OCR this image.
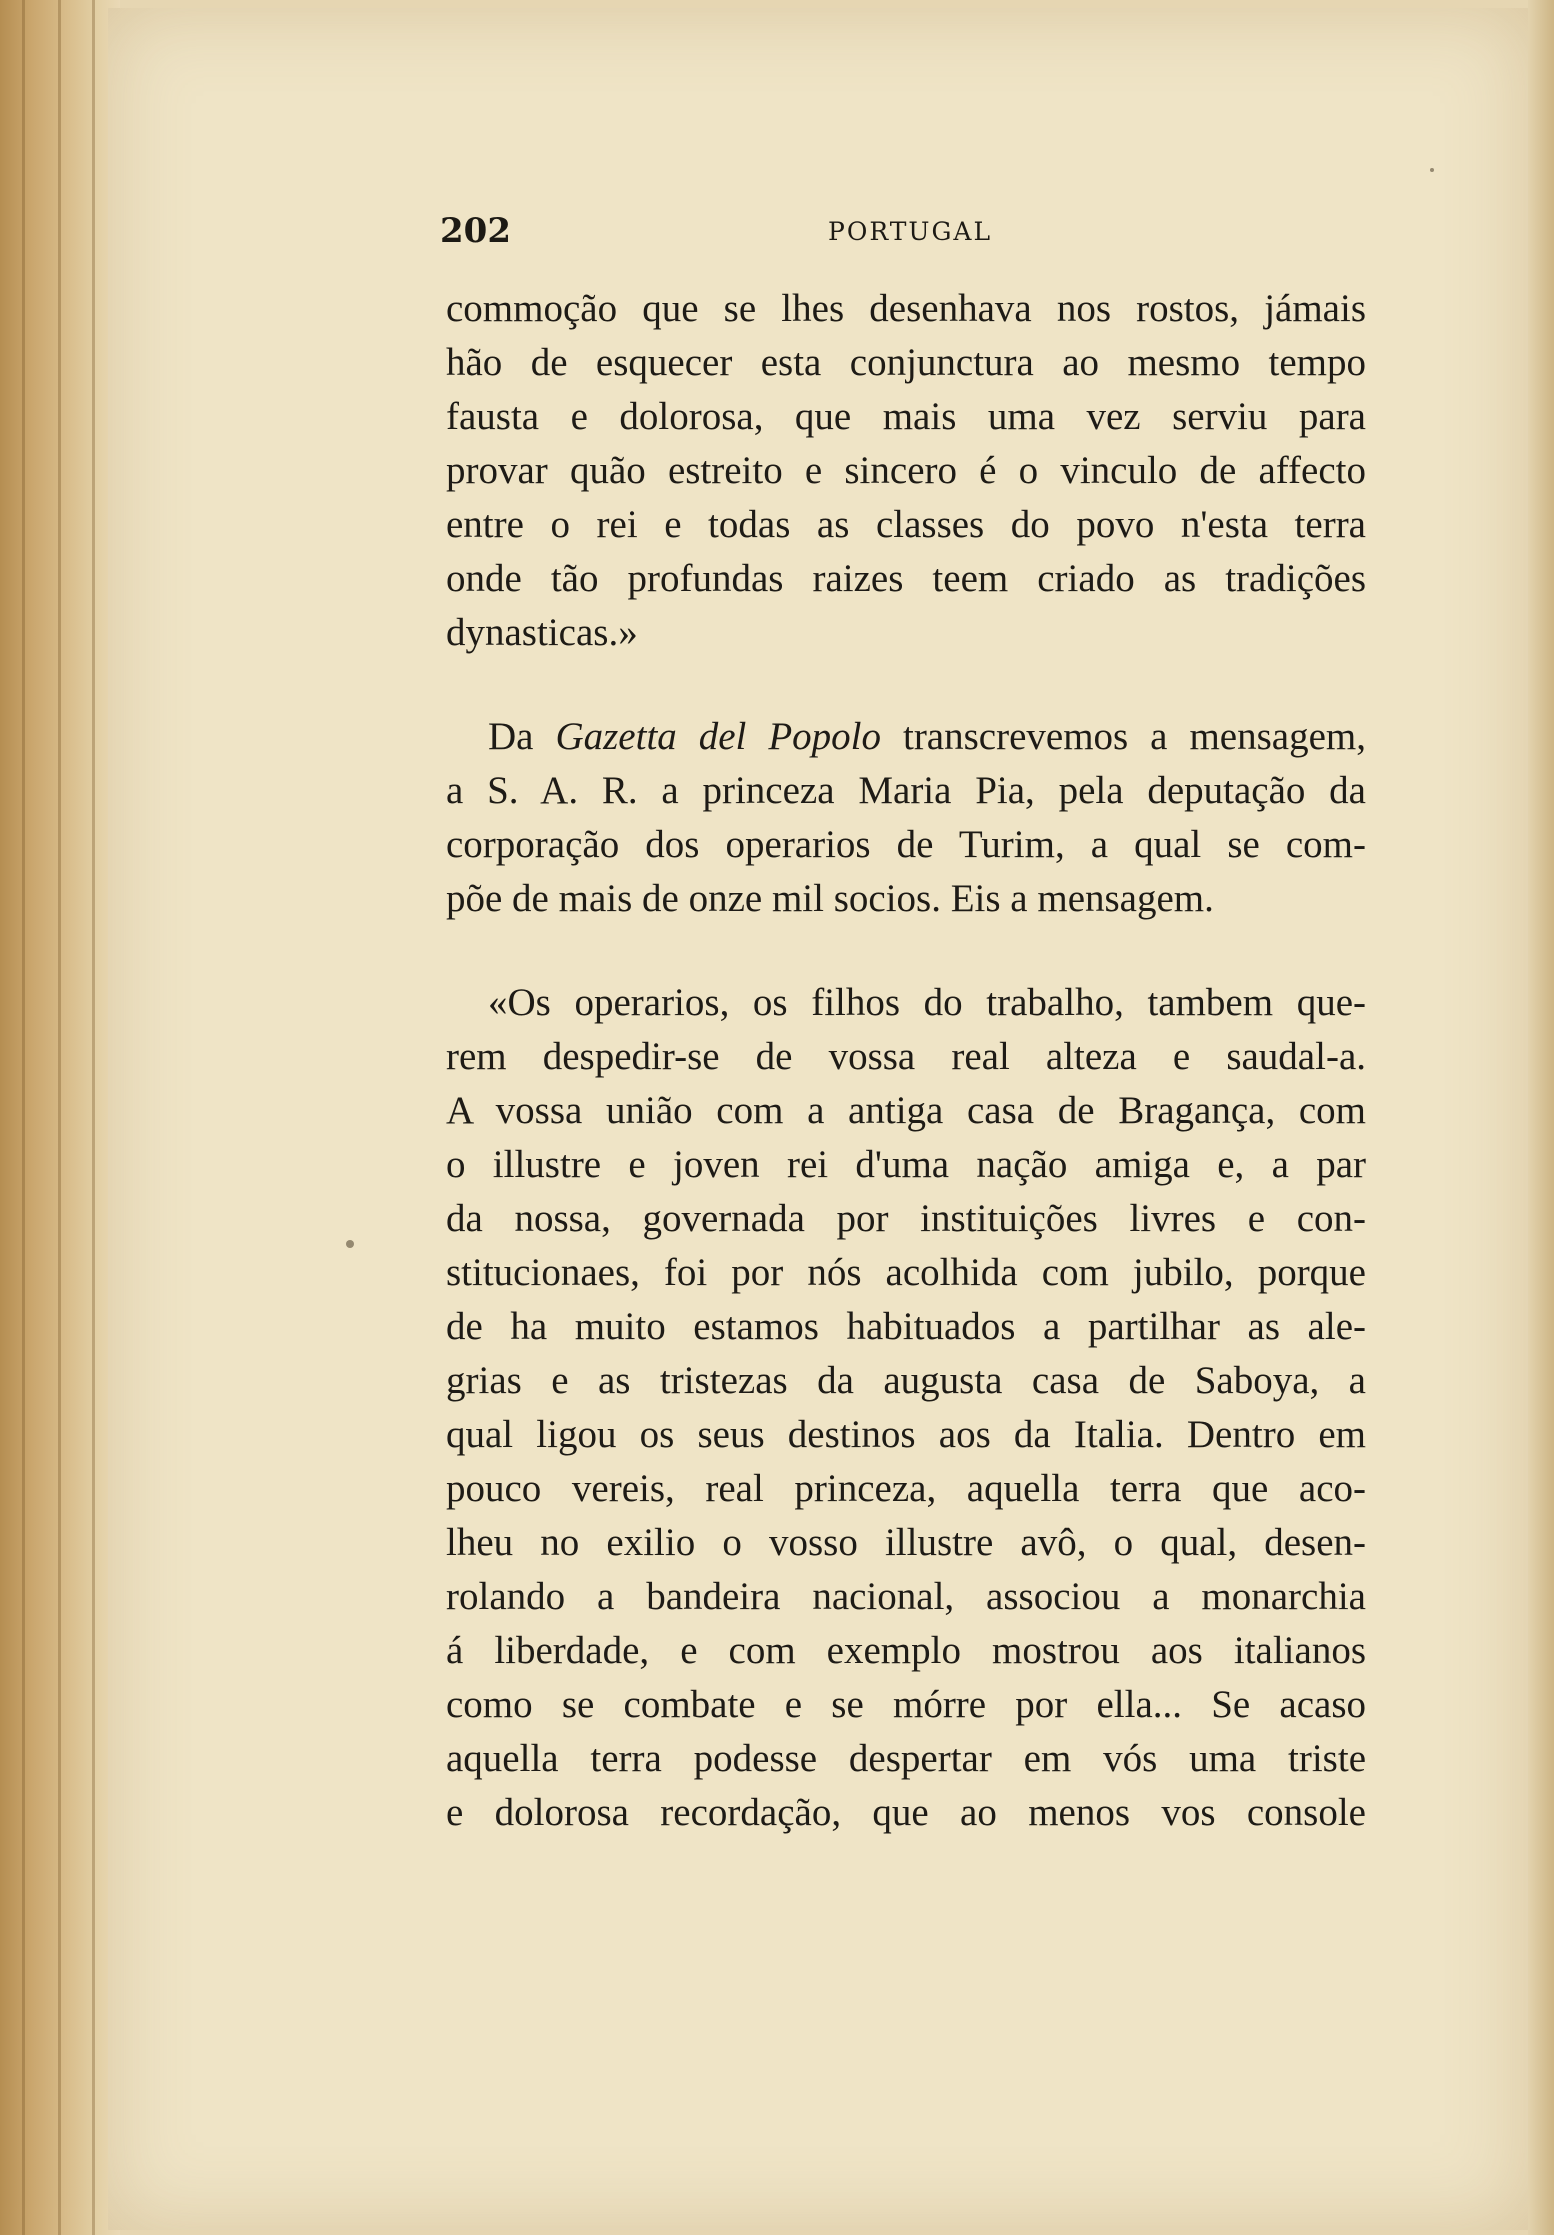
202	PORTUGAL

commoção que se lhes desenhava nos rostos, jámais
hão de esquecer esta conjunctura ao mesmo tempo
fausta e dolorosa, que mais uma vez serviu para
provar quão estreito e sincero é o vinculo de affecto
entre o rei e todas as classes do povo n'esta terra
onde tão profundas raizes teem criado as tradições
dynasticas.»

Da Gazetta del Popolo transcrevemos a mensagem,
a S. A. R. a princeza Maria Pia, pela deputação da
corporação dos operarios de Turim, a qual se com-
põe de mais de onze mil socios. Eis a mensagem.

«Os operarios, os filhos do trabalho, tambem que-
rem despedir-se de vossa real alteza e saudal-a.
A vossa união com a antiga casa de Bragança, com
o illustre e joven rei d'uma nação amiga e, a par
da nossa, governada por instituições livres e con-
stitucionaes, foi por nós acolhida com jubilo, porque
de ha muito estamos habituados a partilhar as ale-
grias e as tristezas da augusta casa de Saboya, a
qual ligou os seus destinos aos da Italia. Dentro em
pouco vereis, real princeza, aquella terra que aco-
lheu no exilio o vosso illustre avô, o qual, desen-
rolando a bandeira nacional, associou a monarchia
á liberdade, e com exemplo mostrou aos italianos
como se combate e se mórre por ella... Se acaso
aquella terra podesse despertar em vós uma triste
e dolorosa recordação, que ao menos vos console
